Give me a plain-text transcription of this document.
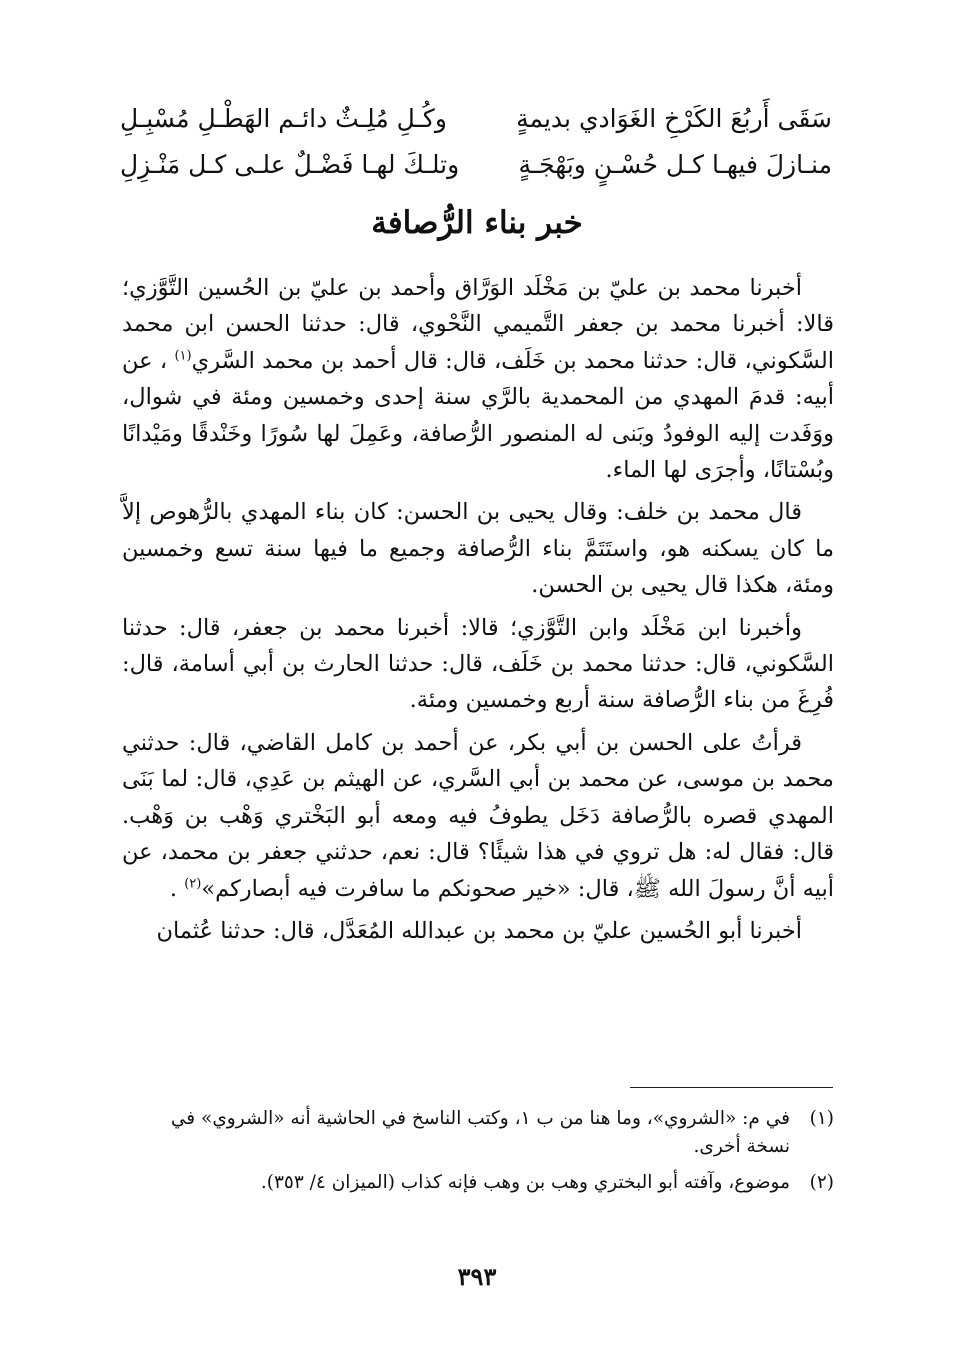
سَقَى أَربُعَ الكَرْخِ الغَوَادي بديمةٍ
وكُـلِ مُلِـثٌ دائـم الهَطْـلِ مُسْبِـلِ
منـازلَ فيهـا كـل حُسْـنٍ وبَهْجَـةٍ
وتلـكَ لهـا فَضْـلٌ علـى كـل مَنْـزِلِ
خبر بناء الرُّصافة

أخبرنا محمد بن عليّ بن مَخْلَد الوَرَّاق وأحمد بن عليّ بن الحُسين التَّوَّزي؛ قالا: أخبرنا محمد بن جعفر التَّميمي النَّحْوي، قال: حدثنا الحسن ابن محمد السَّكوني، قال: حدثنا محمد بن خَلَف، قال: قال أحمد بن محمد السَّري$^{(١)}$ ، عن أبيه: قدمَ المهدي من المحمدية بالرَّي سنة إحدى وخمسين ومئة في شوال، ووَفَدت إليه الوفودُ وبَنى له المنصور الرُّصافة، وعَمِلَ لها سُورًا وخَنْدقًا ومَيْدانًا وبُسْتانًا، وأجرَى لها الماء.

قال محمد بن خلف: وقال يحيى بن الحسن: كان بناء المهدي بالرُّهوص إلاَّ ما كان يسكنه هو، واستَتَمَّ بناء الرُّصافة وجميع ما فيها سنة تسع وخمسين ومئة، هكذا قال يحيى بن الحسن.

وأخبرنا ابن مَخْلَد وابن التَّوَّزي؛ قالا: أخبرنا محمد بن جعفر، قال: حدثنا السَّكوني، قال: حدثنا محمد بن خَلَف، قال: حدثنا الحارث بن أبي أسامة، قال: فُرِغَ من بناء الرُّصافة سنة أربع وخمسين ومئة.

قرأتُ على الحسن بن أبي بكر، عن أحمد بن كامل القاضي، قال: حدثني محمد بن موسى، عن محمد بن أبي السَّري، عن الهيثم بن عَدِي، قال: لما بَنَى المهدي قصره بالرُّصافة دَخَل يطوفُ فيه ومعه أبو البَخْتري وَهْب بن وَهْب. قال: فقال له: هل تروي في هذا شيئًا؟ قال: نعم، حدثني جعفر بن محمد، عن أبيه أنَّ رسولَ الله ﷺ، قال: «خير صحونكم ما سافرت فيه أبصاركم»$^{(٢)}$ .

أخبرنا أبو الحُسين عليّ بن محمد بن عبدالله المُعَدَّل، قال: حدثنا عُثمان

(١)
في م: «الشروي»، وما هنا من ب ١، وكتب الناسخ في الحاشية أنه «الشروي» في نسخة أخرى.
(٢)
موضوع، وآفته أبو البختري وهب بن وهب فإنه كذاب (الميزان ٤/ ٣٥٣).
٣٩٣
